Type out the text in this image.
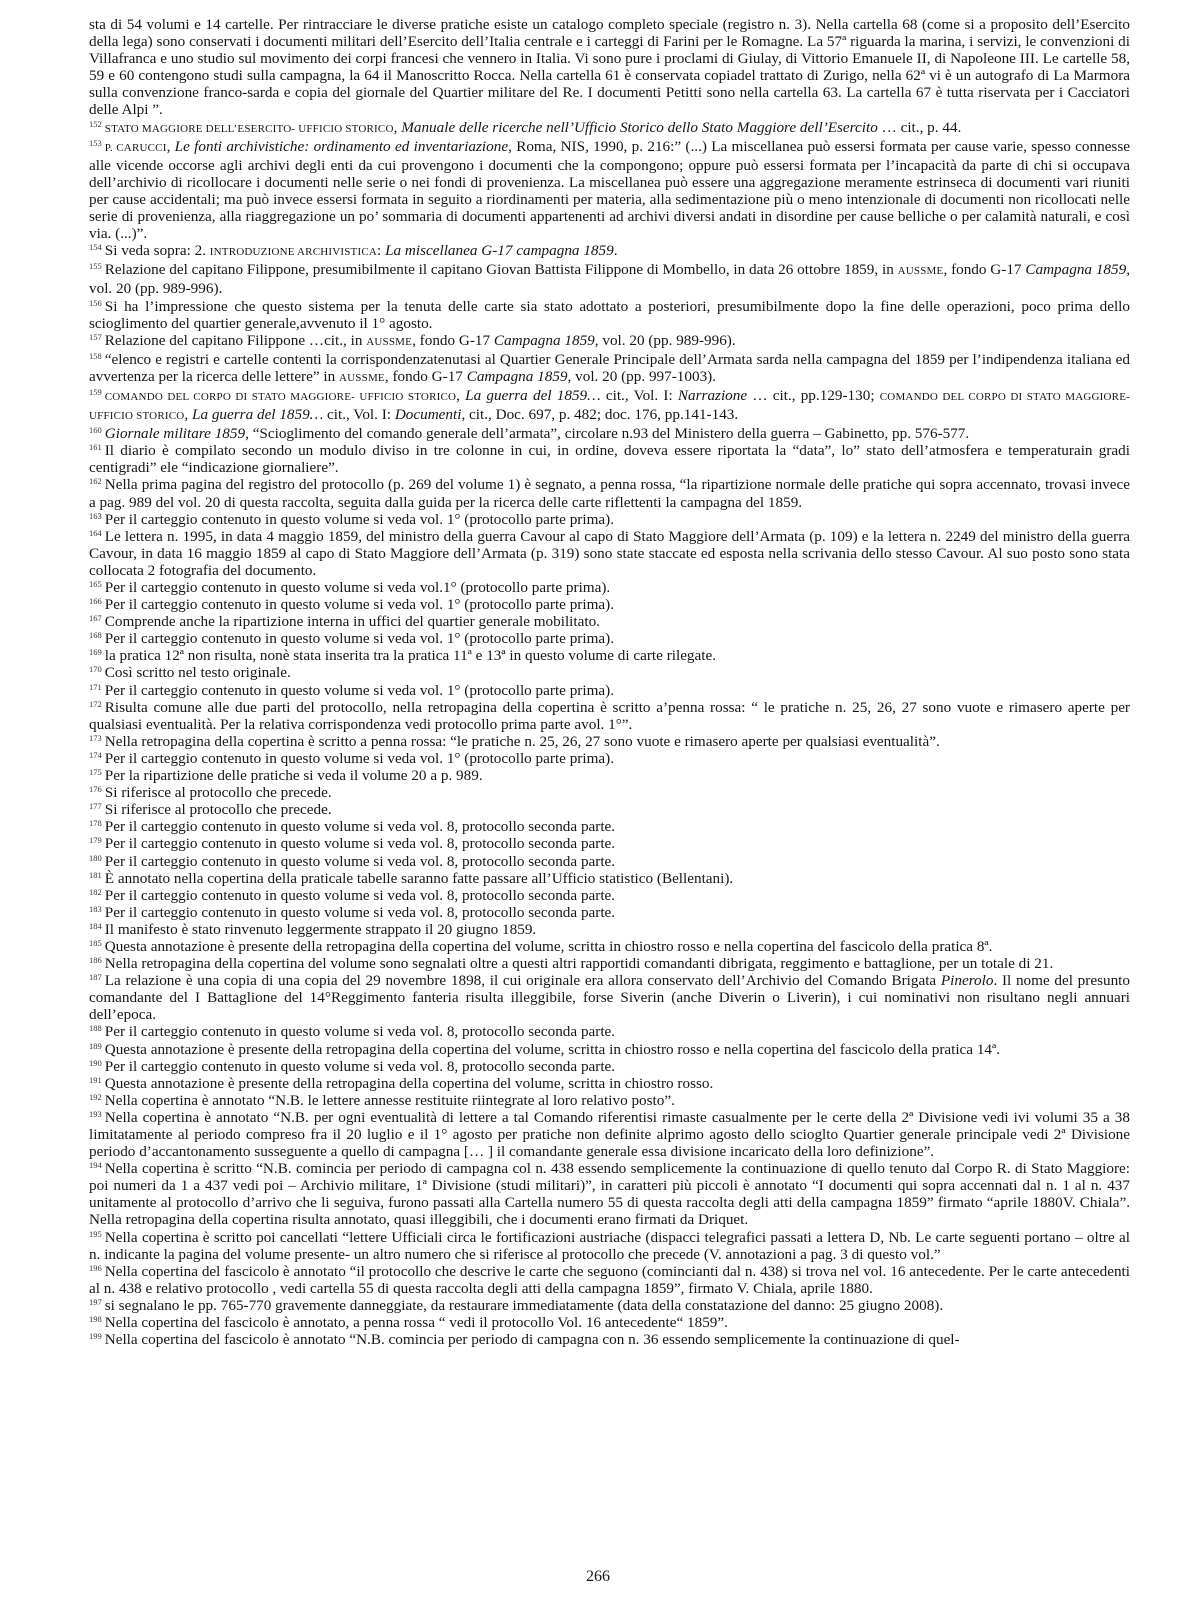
sta di 54 volumi e 14 cartelle. Per rintracciare le diverse pratiche esiste un catalogo completo speciale (registro n. 3). Nella cartella 68 (come si a proposito dell’Esercito della lega) sono conservati i documenti militari dell’Esercito dell’Italia centrale e i carteggi di Farini per le Romagne. La 57ª riguarda la marina, i servizi, le convenzioni di Villafranca e uno studio sul movimento dei corpi francesi che vennero in Italia. Vi sono pure i proclami di Giulay, di Vittorio Emanuele II, di Napoleone III. Le cartelle 58, 59 e 60 contengono studi sulla campagna, la 64 il Manoscritto Rocca. Nella cartella 61 è conservata copiadel trattato di Zurigo, nella 62ª vi è un autografo di La Marmora sulla convenzione franco-sarda e copia del giornale del Quartier militare del Re. I documenti Petitti sono nella cartella 63. La cartella 67 è tutta riservata per i Cacciatori delle Alpi ”.

$^{152}$ STATO MAGGIORE DELL’ESERCITO- UFFICIO STORICO, Manuale delle ricerche nell’Ufficio Storico dello Stato Maggiore dell’Esercito … cit., p. 44.

$^{153}$ P. CARUCCI, Le fonti archivistiche: ordinamento ed inventariazione, Roma, NIS, 1990, p. 216:” (...) La miscellanea può essersi formata per cause varie, spesso connesse alle vicende occorse agli archivi degli enti da cui provengono i documenti che la compongono; oppure può essersi formata per l’incapacità da parte di chi si occupava dell’archivio di ricollocare i documenti nelle serie o nei fondi di provenienza. La miscellanea può essere una aggregazione meramente estrinseca di documenti vari riuniti per cause accidentali; ma può invece essersi formata in seguito a riordinamenti per materia, alla sedimentazione più o meno intenzionale di documenti non ricollocati nelle serie di provenienza, alla riaggregazione un po’ sommaria di documenti appartenenti ad archivi diversi andati in disordine per cause belliche o per calamità naturali, e così via. (...)”.

$^{154}$ Si veda sopra: 2. INTRODUZIONE ARCHIVISTICA: La miscellanea G-17 campagna 1859.

$^{155}$ Relazione del capitano Filippone, presumibilmente il capitano Giovan Battista Filippone di Mombello, in data 26 ottobre 1859, in AUSSME, fondo G-17 Campagna 1859, vol. 20 (pp. 989-996).

$^{156}$ Si ha l’impressione che questo sistema per la tenuta delle carte sia stato adottato a posteriori, presumibilmente dopo la fine delle operazioni, poco prima dello scioglimento del quartier generale,avvenuto il 1° agosto.

$^{157}$ Relazione del capitano Filippone …cit., in AUSSME, fondo G-17 Campagna 1859, vol. 20 (pp. 989-996).

$^{158}$ “elenco e registri e cartelle contenti la corrispondenzatenutasi al Quartier Generale Principale dell’Armata sarda nella campagna del 1859 per l’indipendenza italiana ed avvertenza per la ricerca delle lettere” in AUSSME, fondo G-17 Campagna 1859, vol. 20 (pp. 997-1003).

$^{159}$ COMANDO DEL CORPO DI STATO MAGGIORE- UFFICIO STORICO, La guerra del 1859… cit., Vol. I: Narrazione … cit., pp.129-130; COMANDO DEL CORPO DI STATO MAGGIORE- UFFICIO STORICO, La guerra del 1859… cit., Vol. I: Documenti, cit., Doc. 697, p. 482; doc. 176, pp.141-143.

$^{160}$ Giornale militare 1859, “Scioglimento del comando generale dell’armata”, circolare n.93 del Ministero della guerra – Gabinetto, pp. 576-577.

$^{161}$ Il diario è compilato secondo un modulo diviso in tre colonne in cui, in ordine, doveva essere riportata la “data”, lo” stato dell’atmosfera e temperaturain gradi centigradi” ele “indicazione giornaliere”.

$^{162}$ Nella prima pagina del registro del protocollo (p. 269 del volume 1) è segnato, a penna rossa, “la ripartizione normale delle pratiche qui sopra accennato, trovasi invece a pag. 989 del vol. 20 di questa raccolta, seguita dalla guida per la ricerca delle carte riflettenti la campagna del 1859.

$^{163}$ Per il carteggio contenuto in questo volume si veda vol. 1° (protocollo parte prima).

$^{164}$ Le lettera n. 1995, in data 4 maggio 1859, del ministro della guerra Cavour al capo di Stato Maggiore dell’Armata (p. 109) e la lettera n. 2249 del ministro della guerra Cavour, in data 16 maggio 1859 al capo di Stato Maggiore dell’Armata (p. 319) sono state staccate ed esposta nella scrivania dello stesso Cavour. Al suo posto sono stata collocata 2 fotografia del documento.

$^{165}$ Per il carteggio contenuto in questo volume si veda vol.1° (protocollo parte prima).

$^{166}$ Per il carteggio contenuto in questo volume si veda vol. 1° (protocollo parte prima).

$^{167}$ Comprende anche la ripartizione interna in uffici del quartier generale mobilitato.

$^{168}$ Per il carteggio contenuto in questo volume si veda vol. 1° (protocollo parte prima).

$^{169}$ la pratica 12ª non risulta, nonè stata inserita tra la pratica 11ª e 13ª in questo volume di carte rilegate.

$^{170}$ Così scritto nel testo originale.

$^{171}$ Per il carteggio contenuto in questo volume si veda vol. 1° (protocollo parte prima).

$^{172}$ Risulta comune alle due parti del protocollo, nella retropagina della copertina è scritto a’penna rossa: “ le pratiche n. 25, 26, 27 sono vuote e rimasero aperte per qualsiasi eventualità. Per la relativa corrispondenza vedi protocollo prima parte avol. 1°”.

$^{173}$ Nella retropagina della copertina è scritto a penna rossa: “le pratiche n. 25, 26, 27 sono vuote e rimasero aperte per qualsiasi eventualità”.

$^{174}$ Per il carteggio contenuto in questo volume si veda vol. 1° (protocollo parte prima).

$^{175}$ Per la ripartizione delle pratiche si veda il volume 20 a p. 989.

$^{176}$ Si riferisce al protocollo che precede.

$^{177}$ Si riferisce al protocollo che precede.

$^{178}$ Per il carteggio contenuto in questo volume si veda vol. 8, protocollo seconda parte.

$^{179}$ Per il carteggio contenuto in questo volume si veda vol. 8, protocollo seconda parte.

$^{180}$ Per il carteggio contenuto in questo volume si veda vol. 8, protocollo seconda parte.

$^{181}$ È annotato nella copertina della praticale tabelle saranno fatte passare all’Ufficio statistico (Bellentani).

$^{182}$ Per il carteggio contenuto in questo volume si veda vol. 8, protocollo seconda parte.

$^{183}$ Per il carteggio contenuto in questo volume si veda vol. 8, protocollo seconda parte.

$^{184}$ Il manifesto è stato rinvenuto leggermente strappato il 20 giugno 1859.

$^{185}$ Questa annotazione è presente della retropagina della copertina del volume, scritta in chiostro rosso e nella copertina del fascicolo della pratica 8ª.

$^{186}$ Nella retropagina della copertina del volume sono segnalati oltre a questi altri rapportidi comandanti dibrigata, reggimento e battaglione, per un totale di 21.

$^{187}$ La relazione è una copia di una copia del 29 novembre 1898, il cui originale era allora conservato dell’Archivio del Comando Brigata Pinerolo. Il nome del presunto comandante del I Battaglione del 14°Reggimento fanteria risulta illeggibile, forse Siverin (anche Diverin o Liverin), i cui nominativi non risultano negli annuari dell’epoca.

$^{188}$ Per il carteggio contenuto in questo volume si veda vol. 8, protocollo seconda parte.

$^{189}$ Questa annotazione è presente della retropagina della copertina del volume, scritta in chiostro rosso e nella copertina del fascicolo della pratica 14ª.

$^{190}$ Per il carteggio contenuto in questo volume si veda vol. 8, protocollo seconda parte.

$^{191}$ Questa annotazione è presente della retropagina della copertina del volume, scritta in chiostro rosso.

$^{192}$ Nella copertina è annotato “N.B. le lettere annesse restituite riintegrate al loro relativo posto”.

$^{193}$ Nella copertina è annotato “N.B. per ogni eventualità di lettere a tal Comando riferentisi rimaste casualmente per le certe della 2ª Divisione vedi ivi volumi 35 a 38 limitatamente al periodo compreso fra il 20 luglio e il 1° agosto per pratiche non definite alprimo agosto dello scioglto Quartier generale principale vedi 2ª Divisione periodo d’accantonamento susseguente a quello di campagna [… ] il comandante generale essa divisione incaricato della loro definizione”.

$^{194}$ Nella copertina è scritto “N.B. comincia per periodo di campagna col n. 438 essendo semplicemente la continuazione di quello tenuto dal Corpo R. di Stato Maggiore: poi numeri da 1 a 437 vedi poi – Archivio militare, 1ª Divisione (studi militari)”, in caratteri più piccoli è annotato “I documenti qui sopra accennati dal n. 1 al n. 437 unitamente al protocollo d’arrivo che li seguiva, furono passati alla Cartella numero 55 di questa raccolta degli atti della campagna 1859” firmato “aprile 1880V. Chiala”. Nella retropagina della copertina risulta annotato, quasi illeggibili, che i documenti erano firmati da Driquet.

$^{195}$ Nella copertina è scritto poi cancellati “lettere Ufficiali circa le fortificazioni austriache (dispacci telegrafici passati a lettera D, Nb. Le carte seguenti portano – oltre al n. indicante la pagina del volume presente- un altro numero che si riferisce al protocollo che precede (V. annotazioni a pag. 3 di questo vol.”

$^{196}$ Nella copertina del fascicolo è annotato “il protocollo che descrive le carte che seguono (comincianti dal n. 438) si trova nel vol. 16 antecedente. Per le carte antecedenti al n. 438 e relativo protocollo , vedi cartella 55 di questa raccolta degli atti della campagna 1859”, firmato V. Chiala, aprile 1880.

$^{197}$ si segnalano le pp. 765-770 gravemente danneggiate, da restaurare immediatamente (data della constatazione del danno: 25 giugno 2008).

$^{198}$ Nella copertina del fascicolo è annotato, a penna rossa “ vedi il protocollo Vol. 16 antecedente“ 1859”.

$^{199}$ Nella copertina del fascicolo è annotato “N.B. comincia per periodo di campagna con n. 36 essendo semplicemente la continuazione di quel-

266
